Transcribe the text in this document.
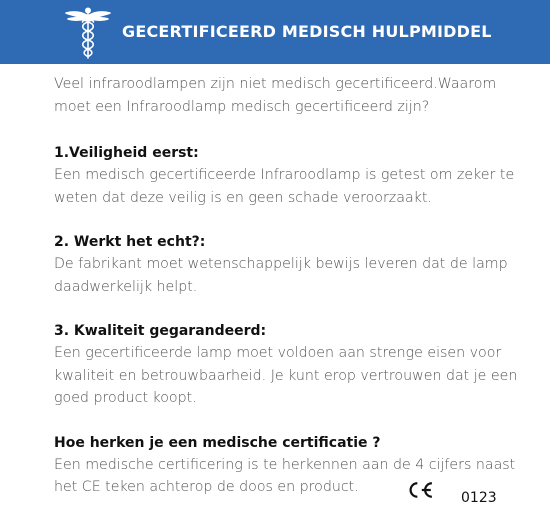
GECERTIFICEERD MEDISCH HULPMIDDEL

Veel infraroodlampen zijn niet medisch gecertificeerd.Waarom moet een Infraroodlamp medisch gecertificeerd zijn?

1.Veiligheid eerst:

Een medisch gecertificeerde Infraroodlamp is getest om zeker te weten dat deze veilig is en geen schade veroorzaakt.

2. Werkt het echt?:

De fabrikant moet wetenschappelijk bewijs leveren dat de lamp daadwerkelijk helpt.

3. Kwaliteit gegarandeerd:

Een gecertificeerde lamp moet voldoen aan strenge eisen voor kwaliteit en betrouwbaarheid. Je kunt erop vertrouwen dat je een goed product koopt.

Hoe herken je een medische certificatie ?

Een medische certificering is te herkennen aan de 4 cijfers naast het CE teken achterop de doos en product.

0123
